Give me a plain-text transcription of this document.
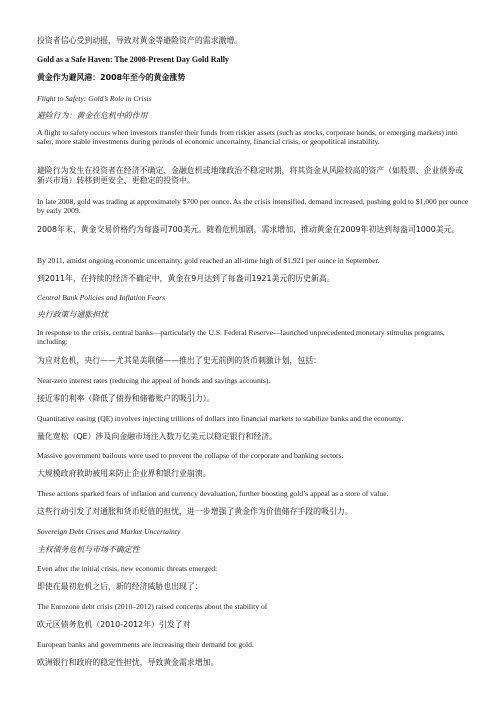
投资者信心受到动摇，导致对黄金等避险资产的需求激增。

Gold as a Safe Haven: The 2008-Present Day Gold Rally

黄金作为避风港：2008年至今的黄金涨势

Flight to Safety: Gold’s Role in Crisis

避险行为：黄金在危机中的作用

A flight to safety occurs when investors transfer their funds from riskier assets (such as stocks, corporate bonds, or emerging markets) into safer, more stable investments during periods of economic uncertainty, financial crisis, or geopolitical instability.

避险行为发生在投资者在经济不确定、金融危机或地缘政治不稳定时期，将其资金从风险较高的资产（如股票、企业债券或新兴市场）转移到更安全、更稳定的投资中。

In late 2008, gold was trading at approximately $700 per ounce. As the crisis intensified, demand increased, pushing gold to $1,000 per ounce by early 2009.

2008年末，黄金交易价格约为每盎司700美元。随着危机加剧，需求增加，推动黄金在2009年初达到每盎司1000美元。

By 2011, amidst ongoing economic uncertainty, gold reached an all-time high of $1,921 per ounce in September.

到2011年，在持续的经济不确定中，黄金在9月达到了每盎司1921美元的历史新高。

Central Bank Policies and Inflation Fears

央行政策与通胀担忧

In response to the crisis, central banks—particularly the U.S. Federal Reserve—launched unprecedented monetary stimulus programs, including:

为应对危机，央行——尤其是美联储——推出了史无前例的货币刺激计划，包括：

Near-zero interest rates (reducing the appeal of bonds and savings accounts).

接近零的利率（降低了债券和储蓄账户的吸引力）。

Quantitative easing (QE) involves injecting trillions of dollars into financial markets to stabilize banks and the economy.

量化宽松（QE）涉及向金融市场注入数万亿美元以稳定银行和经济。

Massive government bailouts were used to prevent the collapse of the corporate and banking sectors.

大规模政府救助被用来防止企业界和银行业崩溃。

These actions sparked fears of inflation and currency devaluation, further boosting gold’s appeal as a store of value.

这些行动引发了对通胀和货币贬值的担忧，进一步增强了黄金作为价值储存手段的吸引力。

Sovereign Debt Crises and Market Uncertainty

主权债务危机与市场不确定性

Even after the initial crisis, new economic threats emerged:

即使在最初危机之后，新的经济威胁也出现了：

The Eurozone debt crisis (2010–2012) raised concerns about the stability of

欧元区债务危机（2010-2012年）引发了对

European banks and governments are increasing their demand for gold.

欧洲银行和政府的稳定性担忧，导致黄金需求增加。
